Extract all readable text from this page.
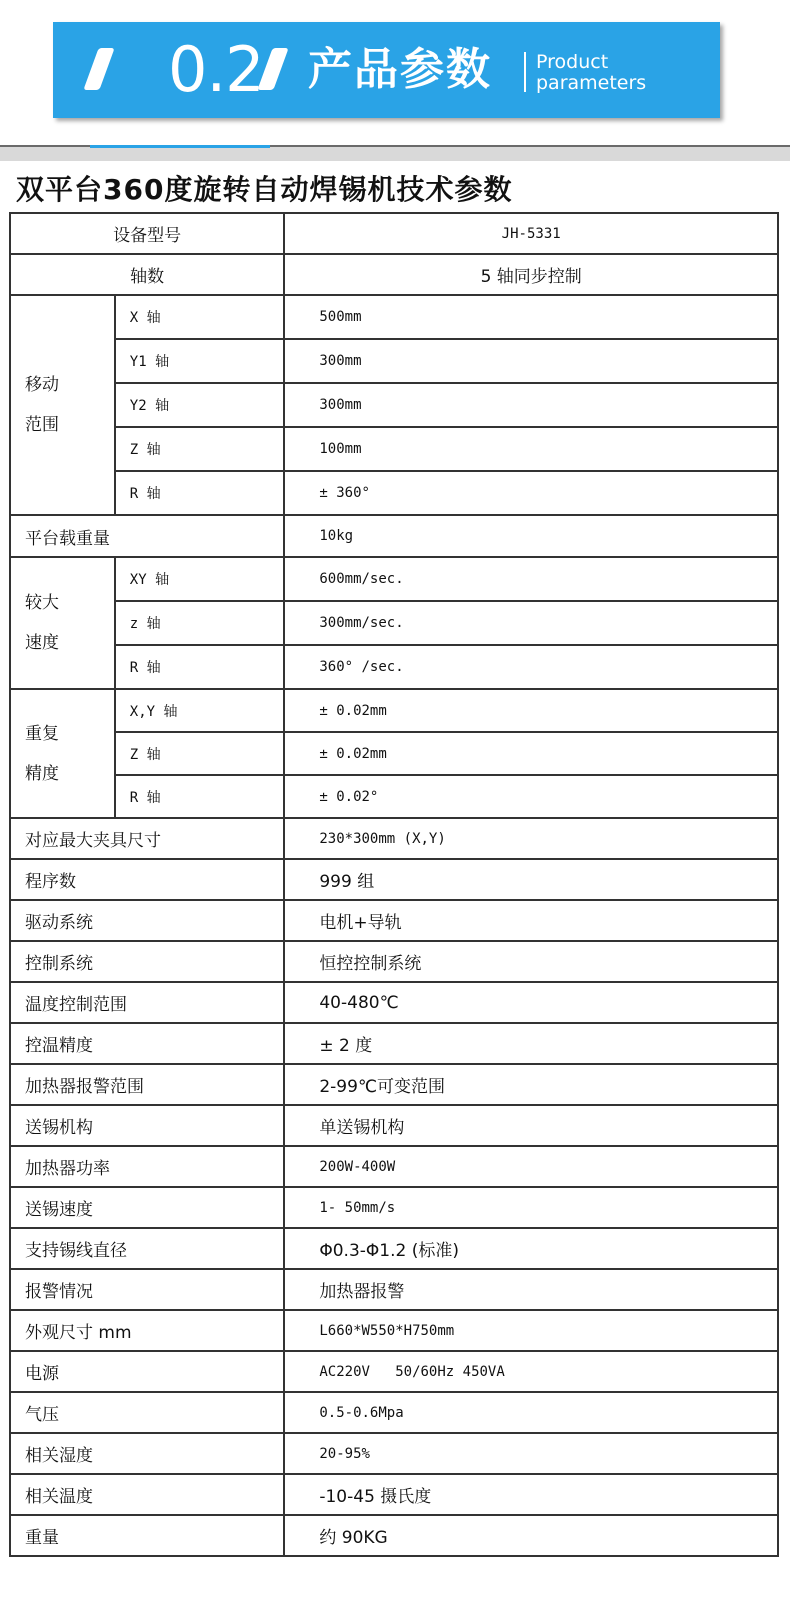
0.2 产品参数 Product
parameters
双平台360度旋转自动焊锡机技术参数
设备型号		JH-5331
轴数		5 轴同步控制

移动
范围	X 轴	500mm
	Y1 轴	300mm
	Y2 轴	300mm
	Z 轴	100mm
	R 轴	± 360°
平台载重量		10kg

较大
速度	XY 轴	600mm/sec.
	z 轴	300mm/sec.
	R 轴	360° /sec.

重复
精度	X,Y 轴	± 0.02mm
	Z 轴	± 0.02mm
	R 轴	± 0.02°
对应最大夹具尺寸		230*300mm (X,Y)
程序数		999 组
驱动系统		电机+导轨
控制系统		恒控控制系统
温度控制范围		40-480℃
控温精度		± 2 度
加热器报警范围		2-99℃可变范围
送锡机构		单送锡机构
加热器功率		200W-400W
送锡速度		1- 50mm/s
支持锡线直径		Φ0.3-Φ1.2 (标准)
报警情况		加热器报警
外观尺寸 mm		L660*W550*H750mm
电源		AC220V   50/60Hz 450VA
气压		0.5-0.6Mpa
相关湿度		20-95%
相关温度		-10-45 摄氏度
重量		约 90KG
